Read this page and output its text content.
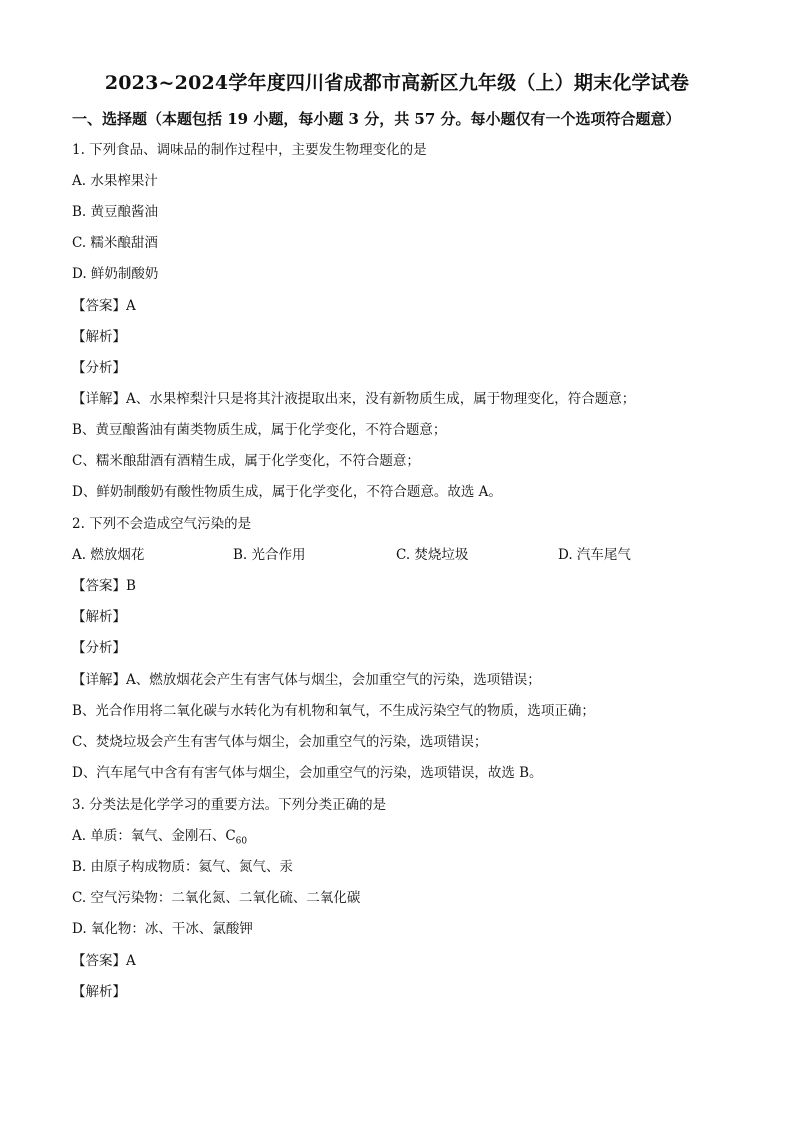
2023~2024学年度四川省成都市高新区九年级（上）期末化学试卷
一、选择题（本题包括 19 小题，每小题 3 分，共 57 分。每小题仅有一个选项符合题意）
1. 下列食品、调味品的制作过程中，主要发生物理变化的是
A. 水果榨果汁
B. 黄豆酿酱油
C. 糯米酿甜酒
D. 鲜奶制酸奶
【答案】A
【解析】
【分析】
【详解】A、水果榨梨汁只是将其汁液提取出来，没有新物质生成，属于物理变化，符合题意；
B、黄豆酿酱油有菌类物质生成，属于化学变化，不符合题意；
C、糯米酿甜酒有酒精生成，属于化学变化，不符合题意；
D、鲜奶制酸奶有酸性物质生成，属于化学变化，不符合题意。故选 A。
2. 下列不会造成空气污染的是
A. 燃放烟花	B. 光合作用	C. 焚烧垃圾	D. 汽车尾气
【答案】B
【解析】
【分析】
【详解】A、燃放烟花会产生有害气体与烟尘，会加重空气的污染，选项错误；
B、光合作用将二氧化碳与水转化为有机物和氧气，不生成污染空气的物质，选项正确；
C、焚烧垃圾会产生有害气体与烟尘，会加重空气的污染，选项错误；
D、汽车尾气中含有有害气体与烟尘，会加重空气的污染，选项错误，故选 B。
3. 分类法是化学学习的重要方法。下列分类正确的是
A. 单质：氧气、金刚石、$C_{60}$
B. 由原子构成物质：氦气、氮气、汞
C. 空气污染物：二氧化氮、二氧化硫、二氧化碳
D. 氧化物：冰、干冰、氯酸钾
【答案】A
【解析】
